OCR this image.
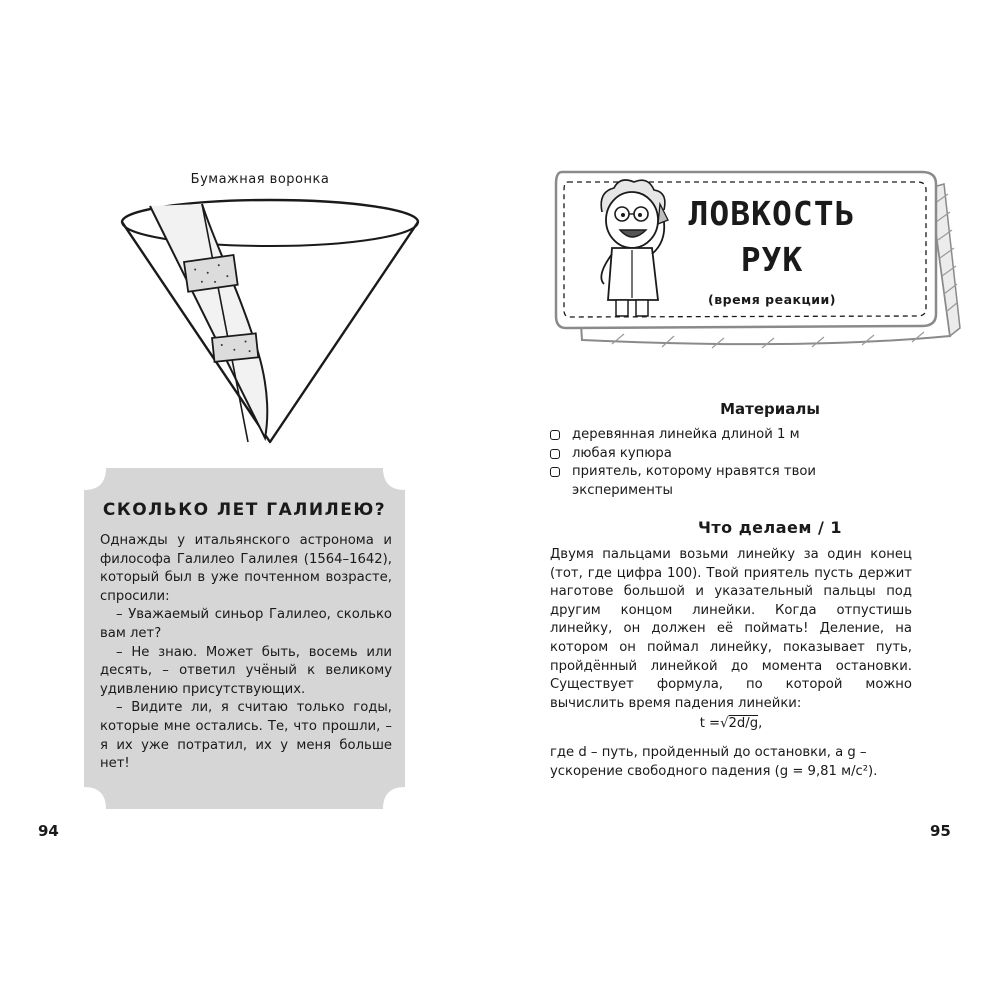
Бумажная воронка
СКОЛЬКО ЛЕТ ГАЛИЛЕЮ?

Однажды у итальянского астронома и философа Галилео Галилея (1564–1642), который был в уже почтенном возрасте, спросили:

– Уважаемый синьор Галилео, сколько вам лет?

– Не знаю. Может быть, восемь или десять, – ответил учёный к великому удивлению присутствующих.

– Видите ли, я считаю только годы, которые мне остались. Те, что прошли, – я их уже потратил, их у меня больше нет!

94
ЛОВКОСТЬ
РУК
(время реакции)
Материалы
деревянная линейка длиной 1 м
любая купюра
приятель, которому нравятся твои эксперименты
Что делаем / 1
Двумя пальцами возьми линейку за один конец (тот, где цифра 100). Твой приятель пусть держит наготове большой и указательный пальцы под другим концом линейки. Когда отпустишь линейку, он должен её поймать! Деление, на котором он поймал линейку, показывает путь, пройдённый линейкой до момента остановки. Существует формула, по которой можно вычислить время падения линейки:
t =√2d/g,
где d – путь, пройденный до остановки, а g – ускорение свободного падения (g = 9,81 м/с²).
95
